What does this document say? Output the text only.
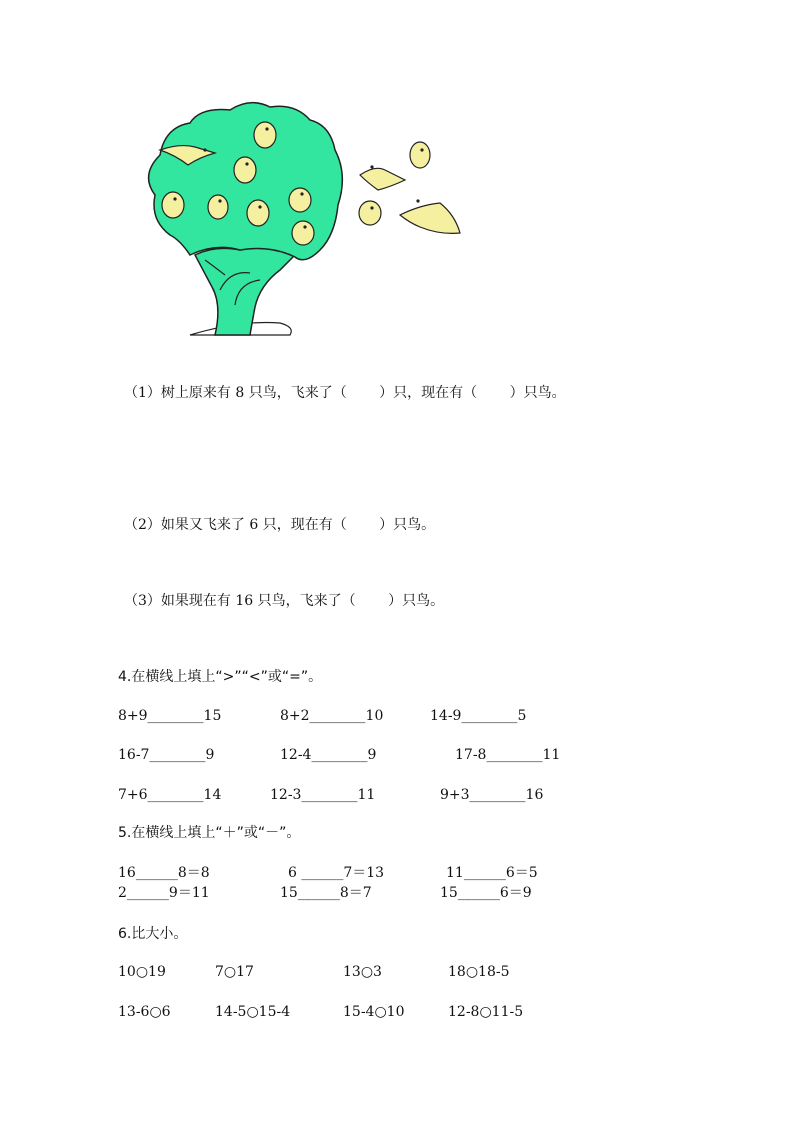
（1）树上原来有 8 只鸟，飞来了（　　 ）只，现在有（　　 ）只鸟。
（2）如果又飞来了 6 只，现在有（　　 ）只鸟。
（3）如果现在有 16 只鸟，飞来了（　　 ）只鸟。
4.在横线上填上“>”“<”或“=”。
8+9________15	8+2________10	14-9________5
16-7________9	12-4________9	17-8________11
7+6________14	12-3________11	9+3________16
5.在横线上填上“＋”或“－”。
16______8＝8	6 ______7＝13	11______6＝5
2______9＝11	15______8＝7	15______6＝9
6.比大小。
10○19	7○17	13○3	18○18-5
13-6○6	14-5○15-4	15-4○10	12-8○11-5
